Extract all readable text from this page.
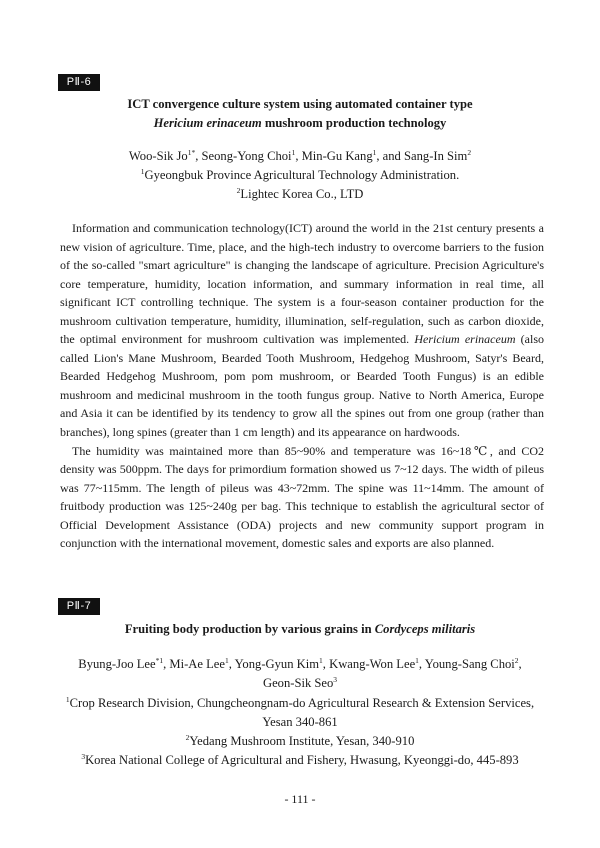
PⅡ-6
ICT convergence culture system using automated container type
Hericium erinaceum mushroom production technology
Woo-Sik $Jo^{1*}$, Seong-Yong Choi$^1$, Min-Gu Kang$^1$, and Sang-In Sim$^2$
$^1$Gyeongbuk Province Agricultural Technology Administration.
$^2$Lightec Korea Co., LTD

Information and communication technology(ICT) around the world in the 21st century presents a new vision of agriculture. Time, place, and the high-tech industry to overcome barriers to the fusion of the so-called "smart agriculture" is changing the landscape of agriculture. Precision Agriculture's core temperature, humidity, location information, and summary information in real time, all significant ICT controlling technique. The system is a four-season container production for the mushroom cultivation temperature, humidity, illumination, self-regulation, such as carbon dioxide, the optimal environment for mushroom cultivation was implemented. Hericium erinaceum (also called Lion's Mane Mushroom, Bearded Tooth Mushroom, Hedgehog Mushroom, Satyr's Beard, Bearded Hedgehog Mushroom, pom pom mushroom, or Bearded Tooth Fungus) is an edible mushroom and medicinal mushroom in the tooth fungus group. Native to North America, Europe and Asia it can be identified by its tendency to grow all the spines out from one group (rather than branches), long spines (greater than 1 cm length) and its appearance on hardwoods.

The humidity was maintained more than 85~90% and temperature was 16~18℃, and CO2 density was 500ppm. The days for primordium formation showed us 7~12 days. The width of pileus was 77~115mm. The length of pileus was 43~72mm. The spine was 11~14mm. The amount of fruitbody production was 125~240g per bag. This technique to establish the agricultural sector of Official Development Assistance (ODA) projects and new community support program in conjunction with the international movement, domestic sales and exports are also planned.

PⅡ-7
Fruiting body production by various grains in Cordyceps militaris
Byung-Joo Lee$^{*1}$, Mi-Ae Lee$^1$, Yong-Gyun Kim$^1$, Kwang-Won Lee$^1$, Young-Sang Choi$^2$,
Geon-Sik Seo$^3$
$^1$Crop Research Division, Chungcheongnam-do Agricultural Research & Extension Services,
Yesan 340-861
$^2$Yedang Mushroom Institute, Yesan, 340-910
$^3$Korea National College of Agricultural and Fishery, Hwasung, Kyeonggi-do, 445-893
- 111 -
